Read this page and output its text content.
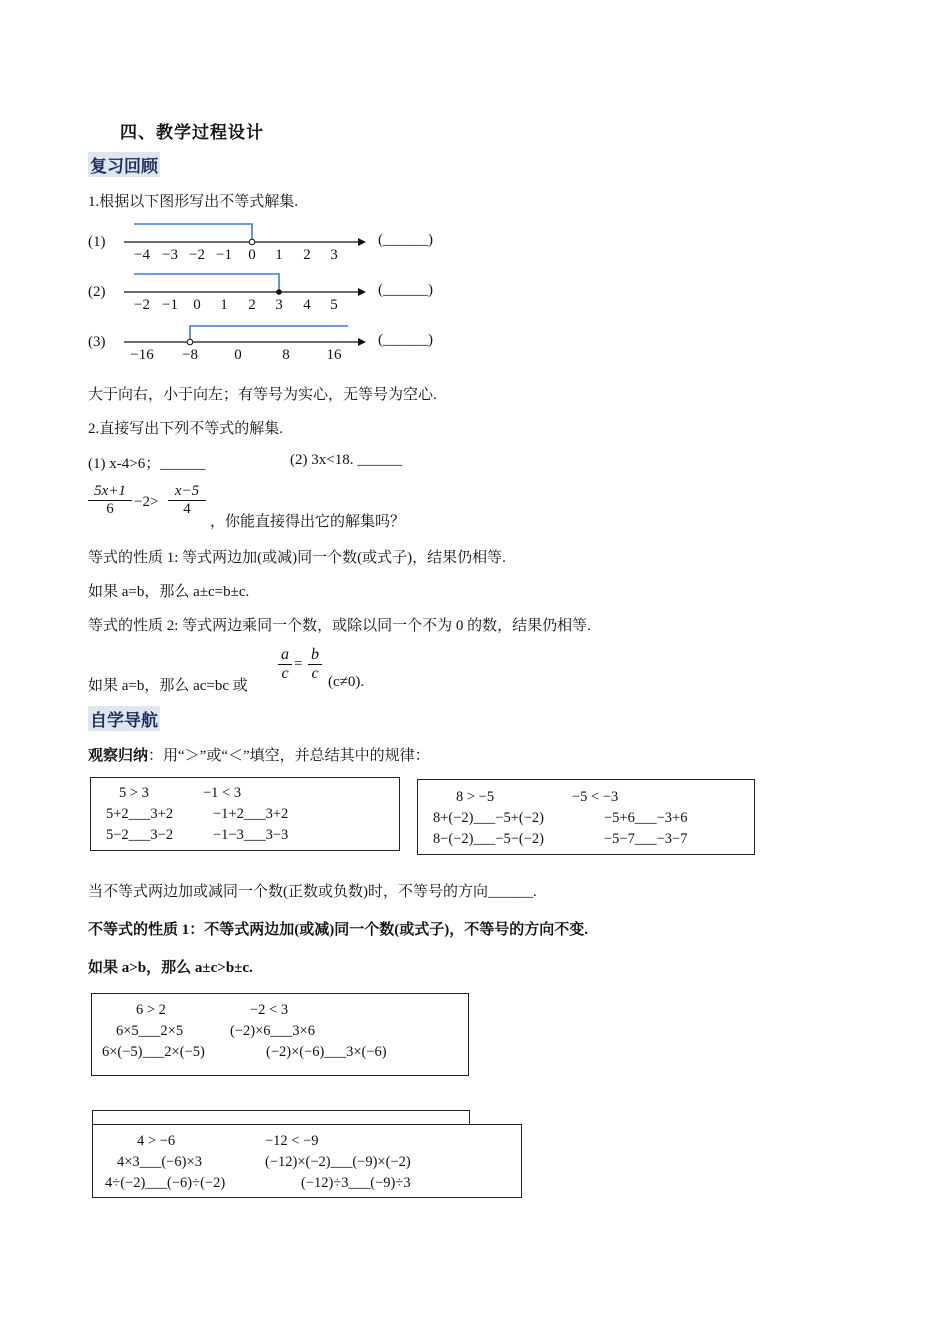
四、教学过程设计
复习回顾
1.根据以下图形写出不等式解集.
(1)
−4 −3 −2 −1 0 1 2 3
(______)
(2)
−2 −1 0 1 2 3 4 5
(______)
(3)
−16 −8 0	8 16
(______)
大于向右，小于向左；有等号为实心，无等号为空心.
2.直接写出下列不等式的解集.
(1) x-4>6；______	(2) 3x<18. ______
$\frac{5x+1}{6} -2> \frac{x-5}{4}$
，你能直接得出它的解集吗？
等式的性质 1: 等式两边加(或减)同一个数(或式子)，结果仍相等.
如果 a=b，那么 a±c=b±c.
等式的性质 2: 等式两边乘同一个数，或除以同一个不为 0 的数，结果仍相等.
如果 a=b，那么 ac=bc 或
$\frac{a}{c} = \frac{b}{c} (c\ne 0)$.
自学导航
观察归纳：用“＞”或“＜”填空，并总结其中的规律：
5 > 3
5+2___3+2
5−2___3−2
−1 < 3
−1+2___3+2
−1−3___3−3
8 > −5
8+(−2)___−5+(−2)
8−(−2)___−5−(−2)
−5 < −3
−5+6___−3+6
−5−7___−3−7
当不等式两边加或减同一个数(正数或负数)时，不等号的方向______.
不等式的性质 1：不等式两边加(或减)同一个数(或式子)，不等号的方向不变.
如果 a>b，那么 a±c>b±c.
6 > 2
6×5___2×5
6×(−5)___2×(−5)
−2 < 3
(−2)×6___3×6
(−2)×(−6)___3×(−6)
4 > −6
4×3___(−6)×3
4÷(−2)___(−6)÷(−2)
−12 < −9
(−12)×(−2)___(−9)×(−2)
(−12)÷3___(−9)÷3
